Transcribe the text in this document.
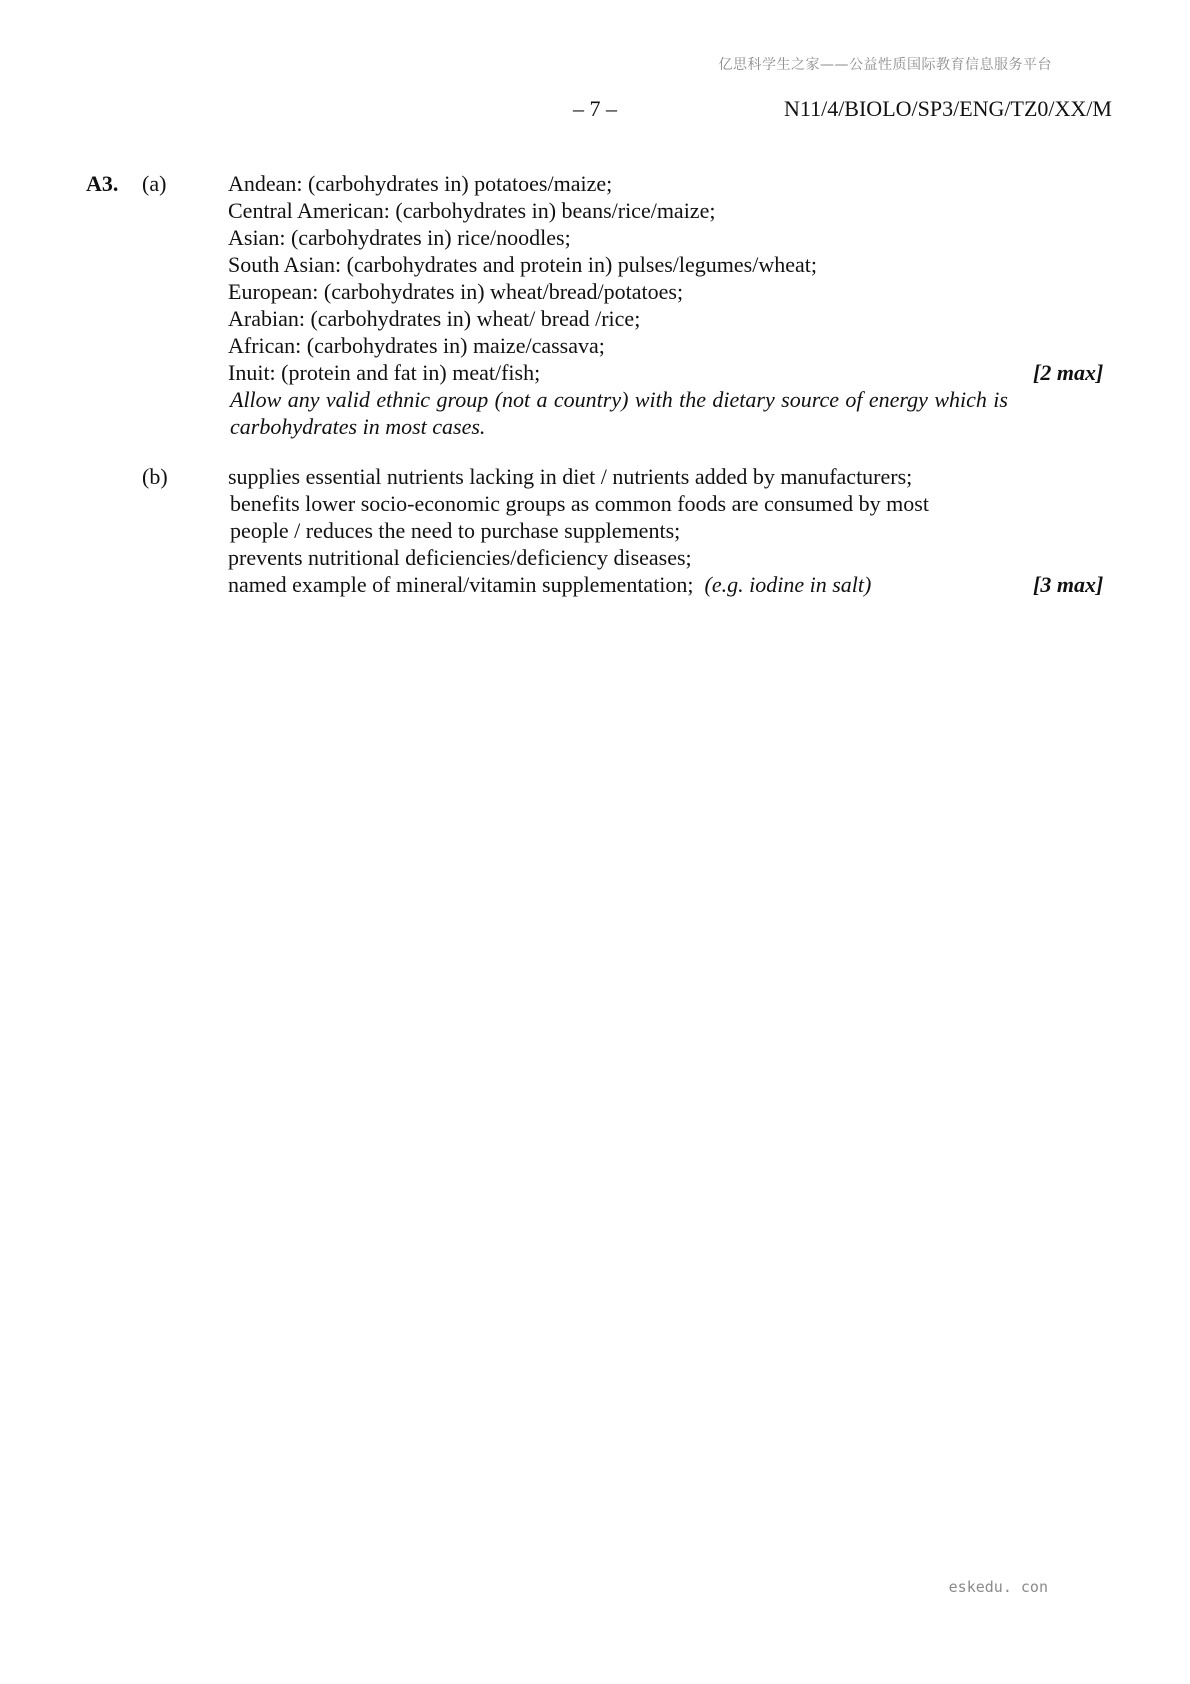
亿思科学生之家——公益性质国际教育信息服务平台
– 7 –	N11/4/BIOLO/SP3/ENG/TZ0/XX/M
A3. (a)	Andean: (carbohydrates in) potatoes/maize;
Central American: (carbohydrates in) beans/rice/maize;
Asian: (carbohydrates in) rice/noodles;
South Asian: (carbohydrates and protein in) pulses/legumes/wheat;
European: (carbohydrates in) wheat/bread/potatoes;
Arabian: (carbohydrates in) wheat/ bread /rice;
African: (carbohydrates in) maize/cassava;
Inuit: (protein and fat in) meat/fish;
Allow any valid ethnic group (not a country) with the dietary source of energy which is carbohydrates in most cases.
[2 max]
(b)	supplies essential nutrients lacking in diet / nutrients added by manufacturers;
benefits lower socio-economic groups as common foods are consumed by most
people / reduces the need to purchase supplements;
prevents nutritional deficiencies/deficiency diseases;
named example of mineral/vitamin supplementation; (e.g. iodine in salt)	[3 max]
eskedu. con
